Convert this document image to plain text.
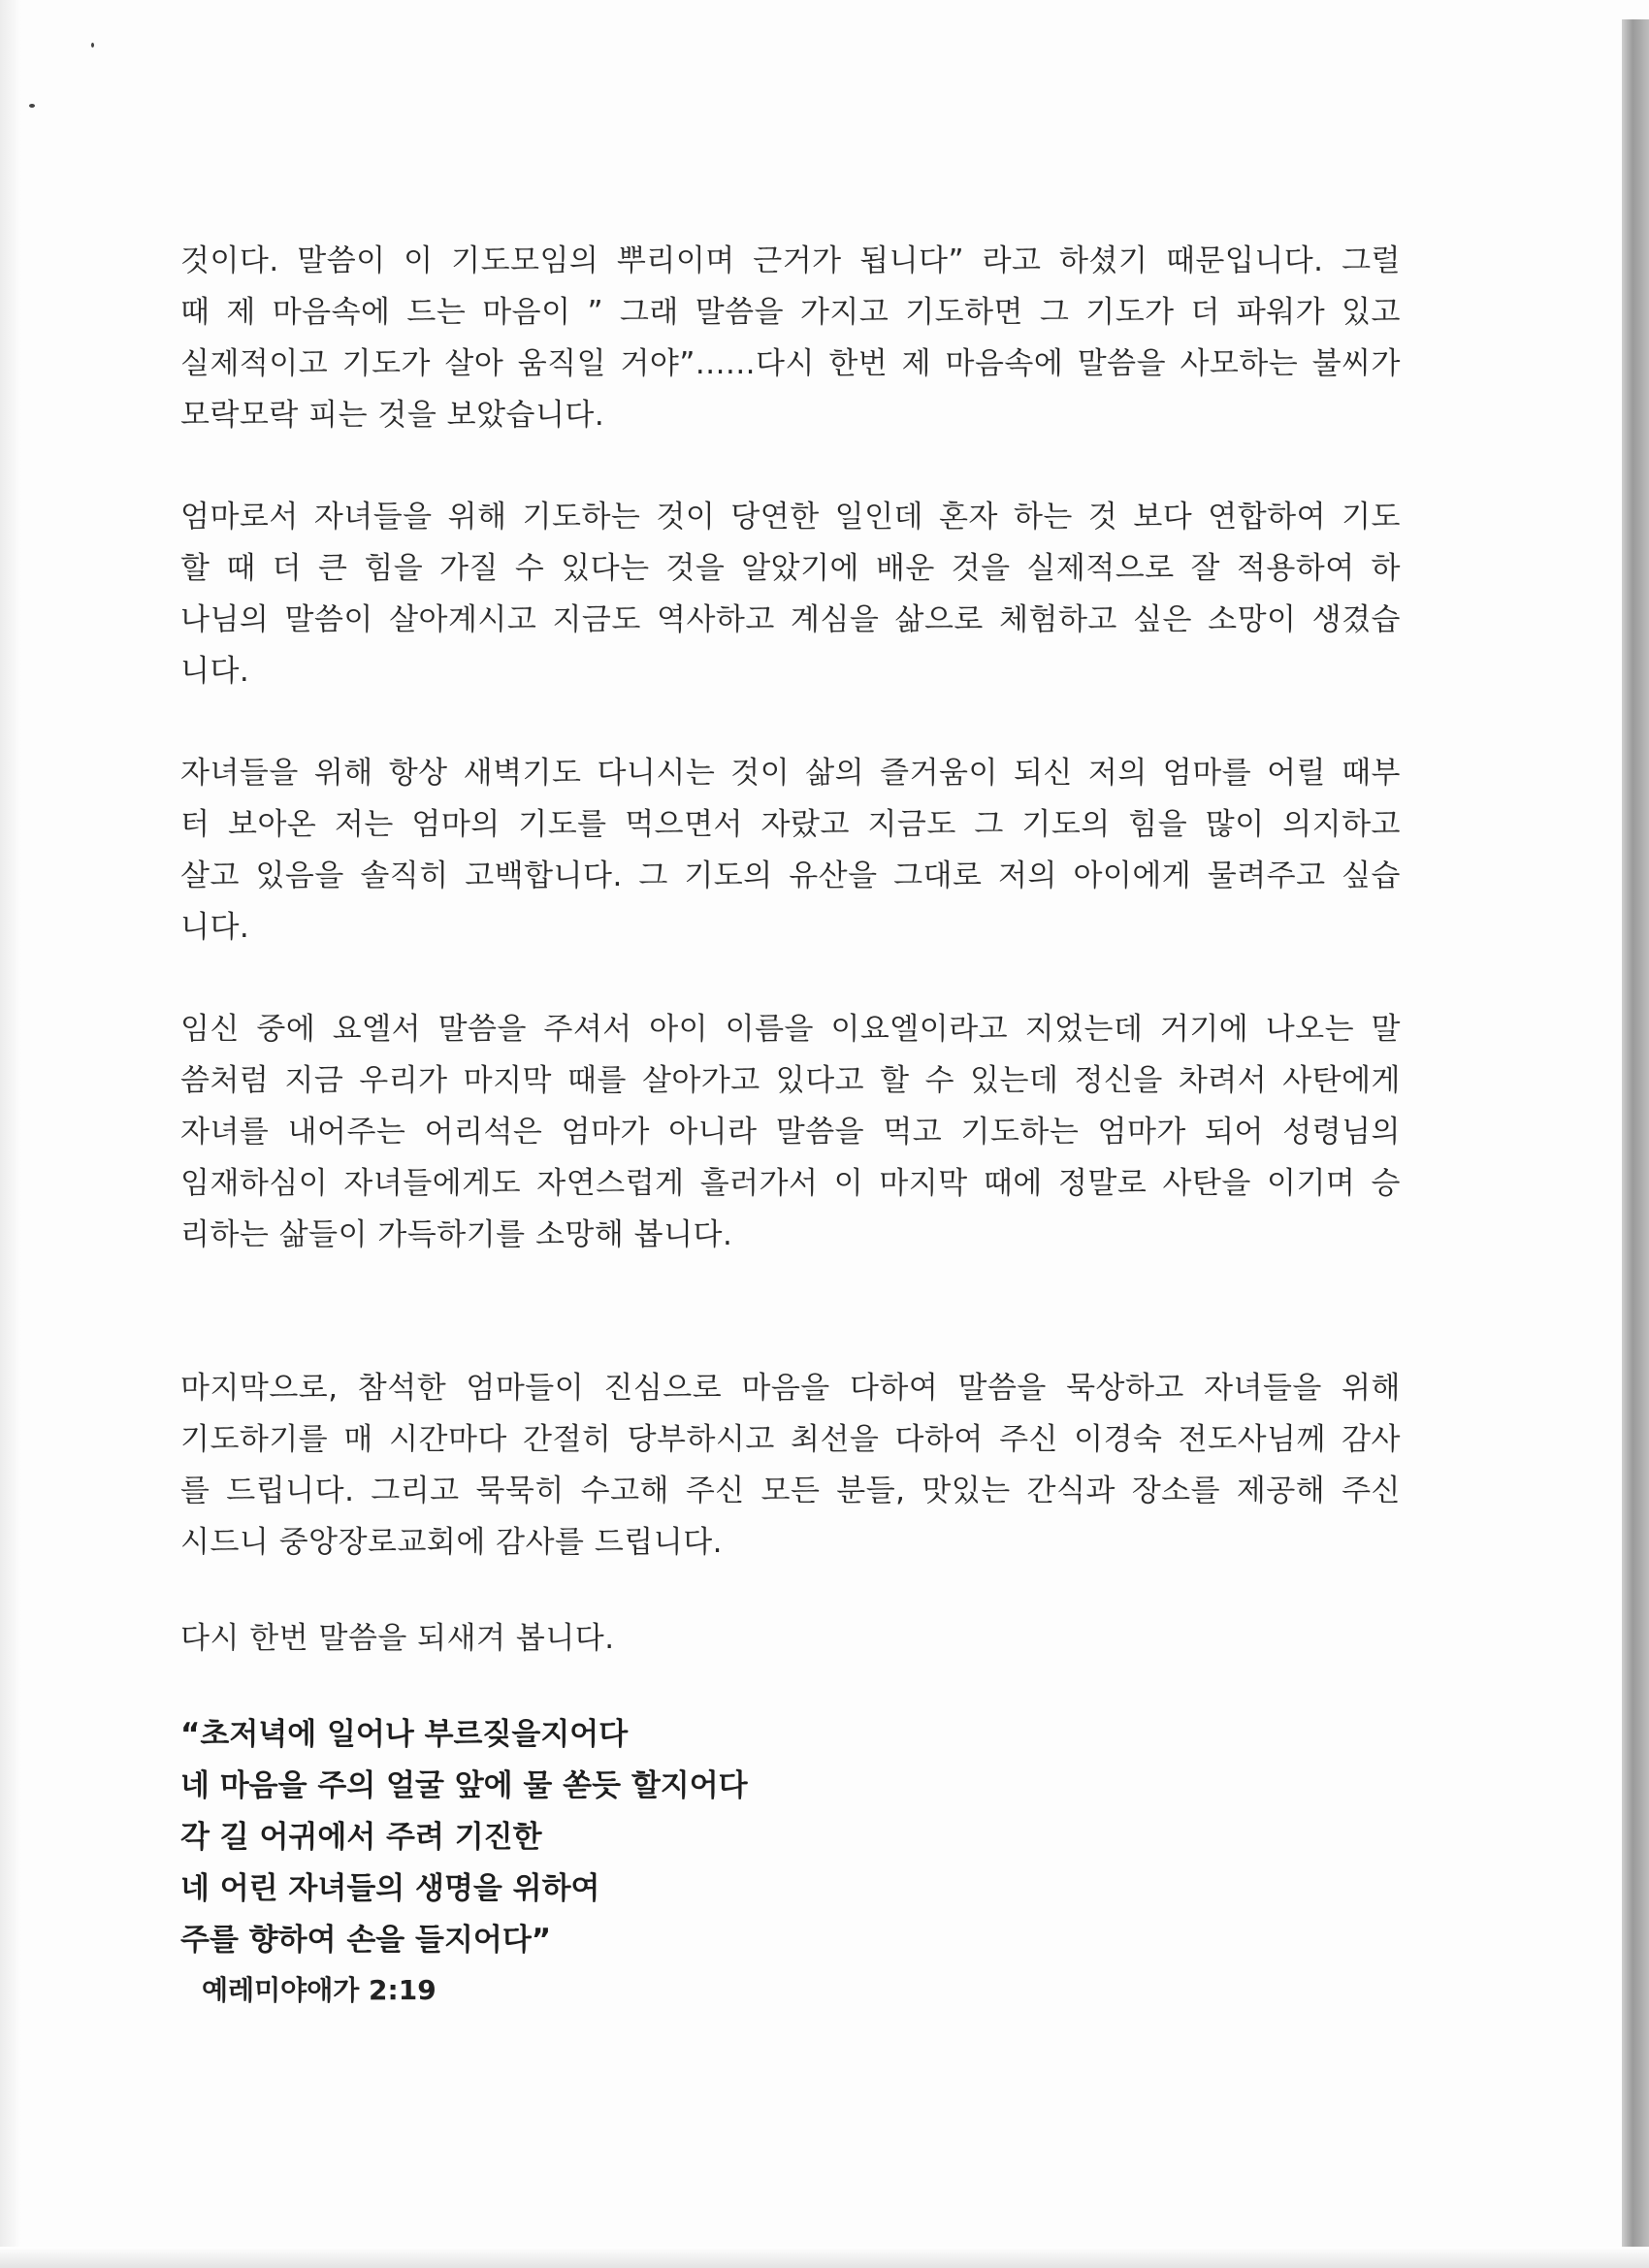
것이다. 말씀이 이 기도모임의 뿌리이며 근거가 됩니다” 라고 하셨기 때문입니다. 그럴
때 제 마음속에 드는 마음이 ” 그래 말씀을 가지고 기도하면 그 기도가 더 파워가 있고
실제적이고 기도가 살아 움직일 거야”......다시 한번 제 마음속에 말씀을 사모하는 불씨가
모락모락 피는 것을 보았습니다.

엄마로서 자녀들을 위해 기도하는 것이 당연한 일인데 혼자 하는 것 보다 연합하여 기도
할 때 더 큰 힘을 가질 수 있다는 것을 알았기에 배운 것을 실제적으로 잘 적용하여 하
나님의 말씀이 살아계시고 지금도 역사하고 계심을 삶으로 체험하고 싶은 소망이 생겼습
니다.

자녀들을 위해 항상 새벽기도 다니시는 것이 삶의 즐거움이 되신 저의 엄마를 어릴 때부
터 보아온 저는 엄마의 기도를 먹으면서 자랐고 지금도 그 기도의 힘을 많이 의지하고
살고 있음을 솔직히 고백합니다. 그 기도의 유산을 그대로 저의 아이에게 물려주고 싶습
니다.

임신 중에 요엘서 말씀을 주셔서 아이 이름을 이요엘이라고 지었는데 거기에 나오는 말
씀처럼 지금 우리가 마지막 때를 살아가고 있다고 할 수 있는데 정신을 차려서 사탄에게
자녀를 내어주는 어리석은 엄마가 아니라 말씀을 먹고 기도하는 엄마가 되어 성령님의
임재하심이 자녀들에게도 자연스럽게 흘러가서 이 마지막 때에 정말로 사탄을 이기며 승
리하는 삶들이 가득하기를 소망해 봅니다.

마지막으로, 참석한 엄마들이 진심으로 마음을 다하여 말씀을 묵상하고 자녀들을 위해
기도하기를 매 시간마다 간절히 당부하시고 최선을 다하여 주신 이경숙 전도사님께 감사
를 드립니다. 그리고 묵묵히 수고해 주신 모든 분들, 맛있는 간식과 장소를 제공해 주신
시드니 중앙장로교회에 감사를 드립니다.

다시 한번 말씀을 되새겨 봅니다.

“초저녁에 일어나 부르짖을지어다
네 마음을 주의 얼굴 앞에 물 쏟듯 할지어다
각 길 어귀에서 주려 기진한
네 어린 자녀들의 생명을 위하여
주를 향하여 손을 들지어다”

예레미야애가 2:19
